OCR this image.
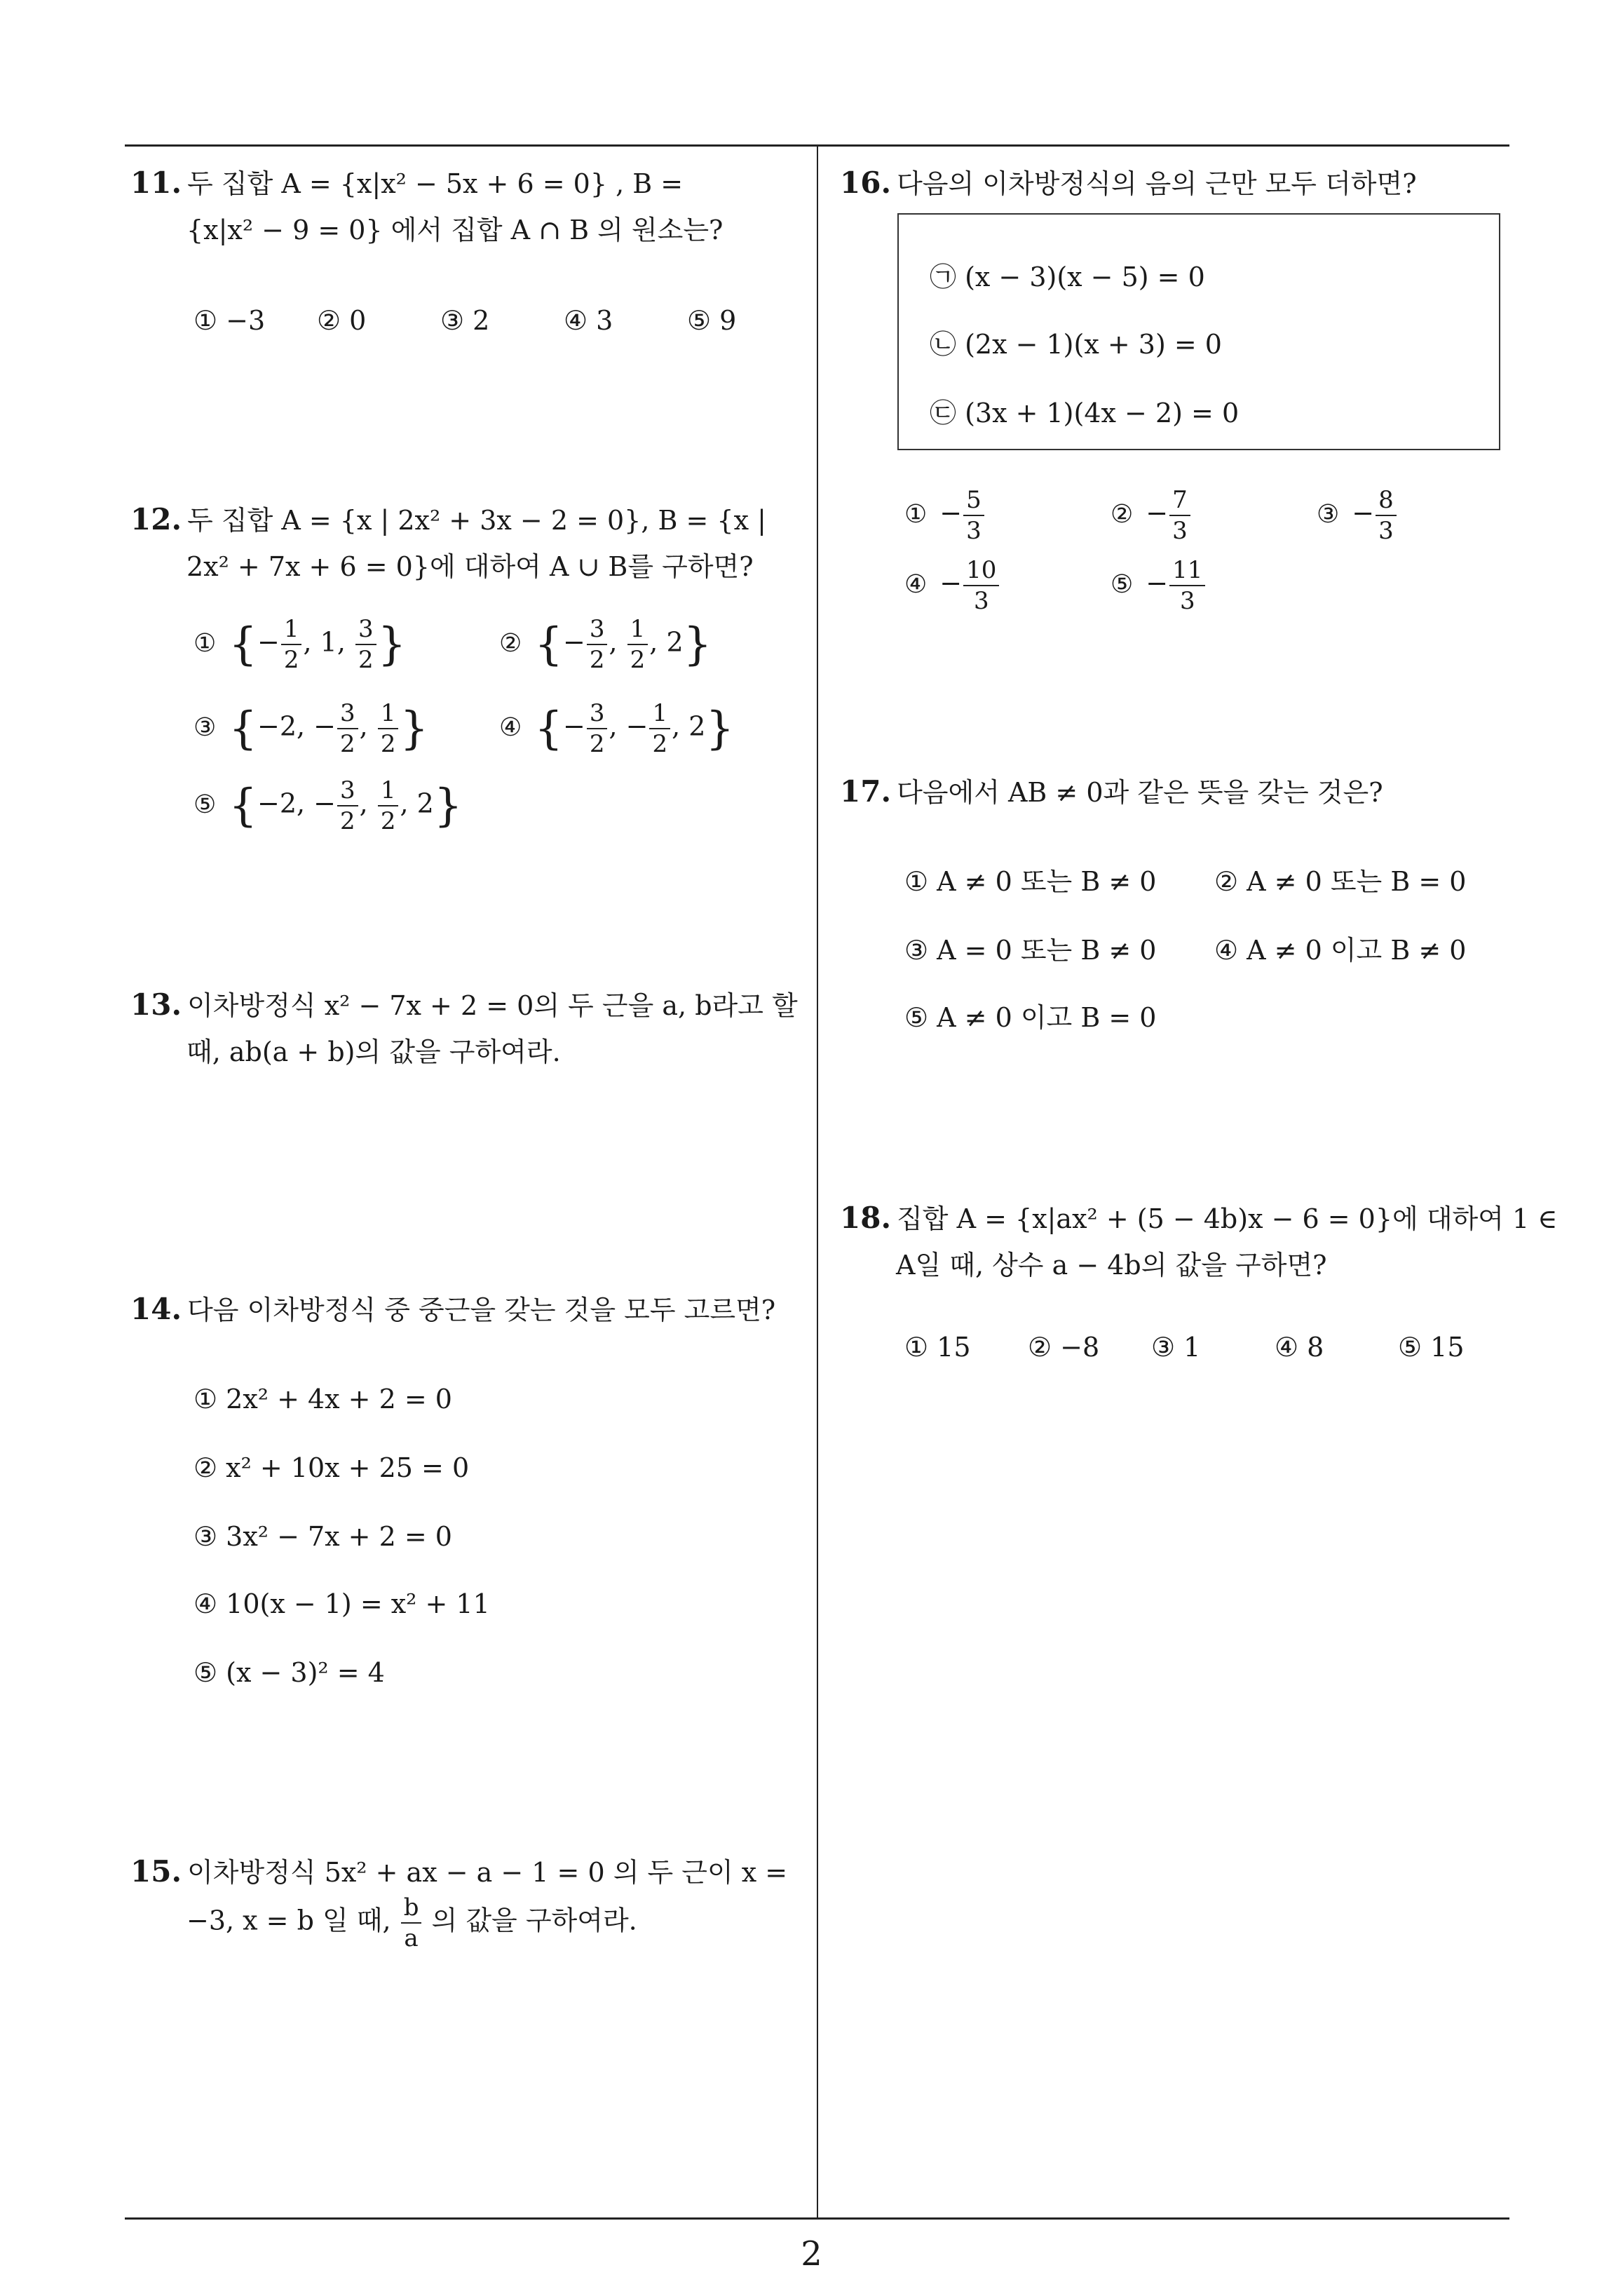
11. 두 집합 A = {x|x² − 5x + 6 = 0} , B =
{x|x² − 9 = 0} 에서 집합 A ∩ B 의 원소는?
① −3 ② 0	③ 2	④ 3	⑤ 9
12. 두 집합 A = {x | 2x² + 3x − 2 = 0}, B = {x |
2x² + 7x + 6 = 0}에 대하여 A ∪ B를 구하면?
① {− $\frac{1}{2}$ , 1, $\frac{3}{2}$ }	② {− $\frac{3}{2}$ , $\frac{1}{2}$ , 2}
③ {−2, − $\frac{3}{2}$ , $\frac{1}{2}$ }	④ {− $\frac{3}{2}$ , − $\frac{1}{2}$ , 2}
⑤ {−2, − $\frac{3}{2}$ , $\frac{1}{2}$ , 2}
13. 이차방정식 x² − 7x + 2 = 0의 두 근을 a, b라고 할
때, ab(a + b)의 값을 구하여라.
14. 다음 이차방정식 중 중근을 갖는 것을 모두 고르면?
① 2x² + 4x + 2 = 0
② x² + 10x + 25 = 0
③ 3x² − 7x + 2 = 0
④ 10(x − 1) = x² + 11
⑤ (x − 3)² = 4
15. 이차방정식 5x² + ax − a − 1 = 0 의 두 근이 x =
−3, x = b 일 때, $\frac{b}{a}$ 의 값을 구하여라.
16. 다음의 이차방정식의 음의 근만 모두 더하면?
㉠ (x − 3)(x − 5) = 0
㉡ (2x − 1)(x + 3) = 0
㉢ (3x + 1)(4x − 2) = 0
① − $\frac{5}{3}$	② − $\frac{7}{3}$	③ − $\frac{8}{3}$
④ − $\frac{10}{3}$	⑤ − $\frac{11}{3}$
17. 다음에서 AB ≠ 0과 같은 뜻을 갖는 것은?
① A ≠ 0 또는 B ≠ 0 ② A ≠ 0 또는 B = 0
③ A = 0 또는 B ≠ 0 ④ A ≠ 0 이고 B ≠ 0
⑤ A ≠ 0 이고 B = 0
18. 집합 A = {x|ax² + (5 − 4b)x − 6 = 0}에 대하여 1 ∈
A일 때, 상수 a − 4b의 값을 구하면?
① 15 ② −8 ③ 1	④ 8	⑤ 15
2
